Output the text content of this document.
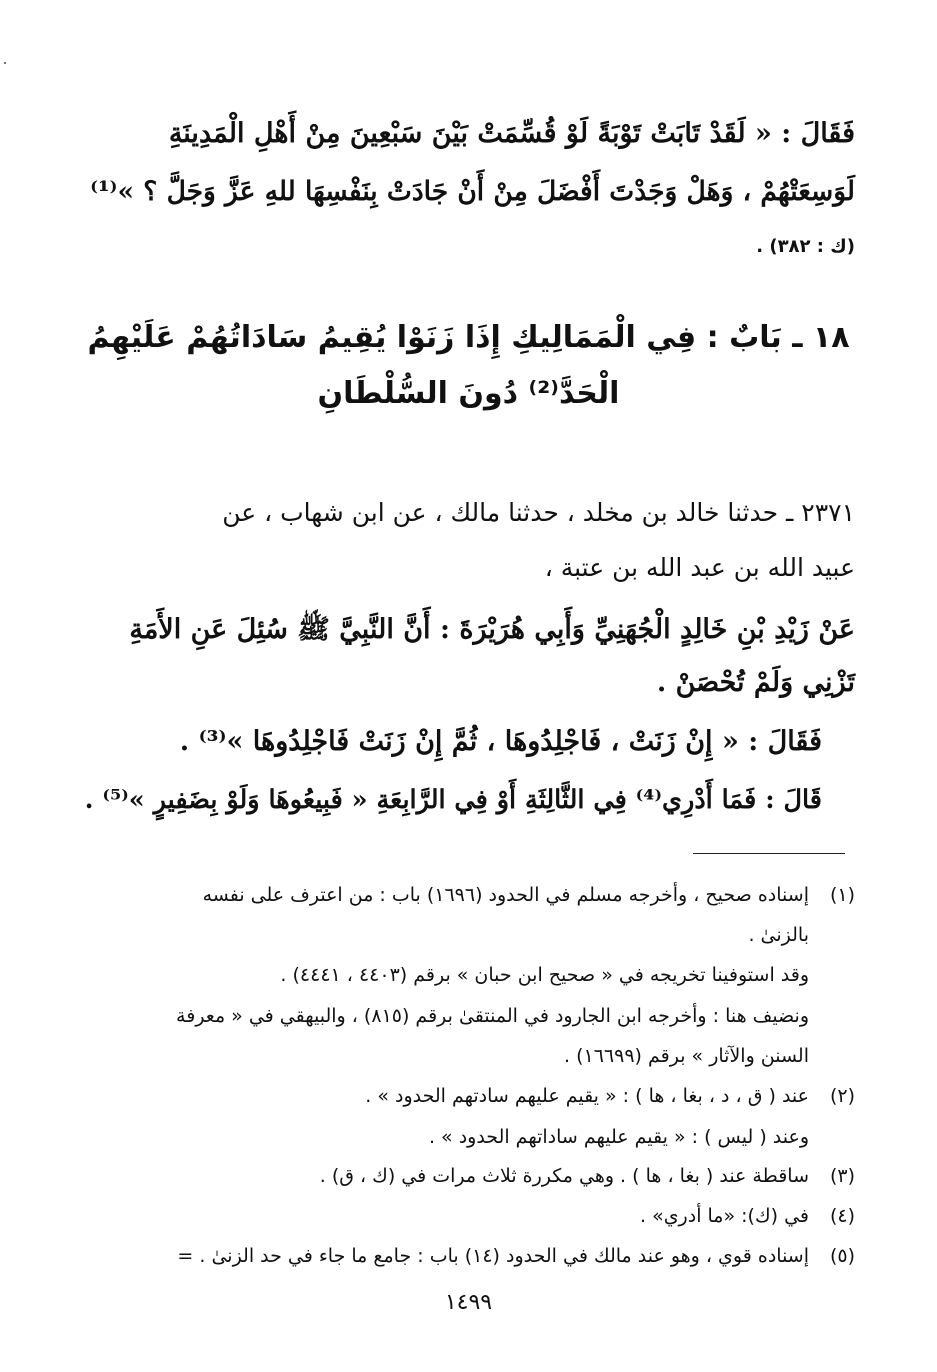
فَقَالَ : « لَقَدْ تَابَتْ تَوْبَةً لَوْ قُسِّمَتْ بَيْنَ سَبْعِينَ مِنْ أَهْلِ الْمَدِينَةِ
لَوَسِعَتْهُمْ ، وَهَلْ وَجَدْتَ أَفْضَلَ مِنْ أَنْ جَادَتْ بِنَفْسِهَا للهِ عَزَّ وَجَلَّ ؟ »⁽¹⁾
(ك : ٣٨٢) .
١٨ ـ بَابٌ : فِي الْمَمَالِيكِ إِذَا زَنَوْا يُقِيمُ سَادَاتُهُمْ عَلَيْهِمُ
الْحَدَّ⁽²⁾ دُونَ السُّلْطَانِ
٢٣٧١ ـ حدثنا خالد بن مخلد ، حدثنا مالك ، عن ابن شهاب ، عن
عبيد الله بن عبد الله بن عتبة ،
عَنْ زَيْدِ بْنِ خَالِدٍ الْجُهَنِيِّ وَأَبِي هُرَيْرَةَ : أَنَّ النَّبِيَّ ﷺ سُئِلَ عَنِ الأَمَةِ
تَزْنِي وَلَمْ تُحْصَنْ .
فَقَالَ : « إِنْ زَنَتْ ، فَاجْلِدُوهَا ، ثُمَّ إِنْ زَنَتْ فَاجْلِدُوهَا »⁽³⁾ .
قَالَ : فَمَا أَدْرِي⁽⁴⁾ فِي الثَّالِثَةِ أَوْ فِي الرَّابِعَةِ « فَبِيعُوهَا وَلَوْ بِضَفِيرٍ »⁽⁵⁾ .
(١)
إسناده صحيح ، وأخرجه مسلم في الحدود (١٦٩٦) باب : من اعترف على نفسه
بالزنىٰ .
وقد استوفينا تخريجه في « صحيح ابن حبان » برقم (٤٤٠٣ ، ٤٤٤١) .
ونضيف هنا : وأخرجه ابن الجارود في المنتقىٰ برقم (٨١٥) ، والبيهقي في « معرفة
السنن والآثار » برقم (١٦٦٩٩) .
(٢)
عند ( ق ، د ، بغا ، ها ) : « يقيم عليهم سادتهم الحدود » .
وعند ( ليس ) : « يقيم عليهم ساداتهم الحدود » .
(٣)
ساقطة عند ( بغا ، ها ) . وهي مكررة ثلاث مرات في (ك ، ق) .
(٤)
في (ك): «ما أدري» .
(٥)
إسناده قوي ، وهو عند مالك في الحدود (١٤) باب : جامع ما جاء في حد الزنىٰ . =
١٤٩٩
